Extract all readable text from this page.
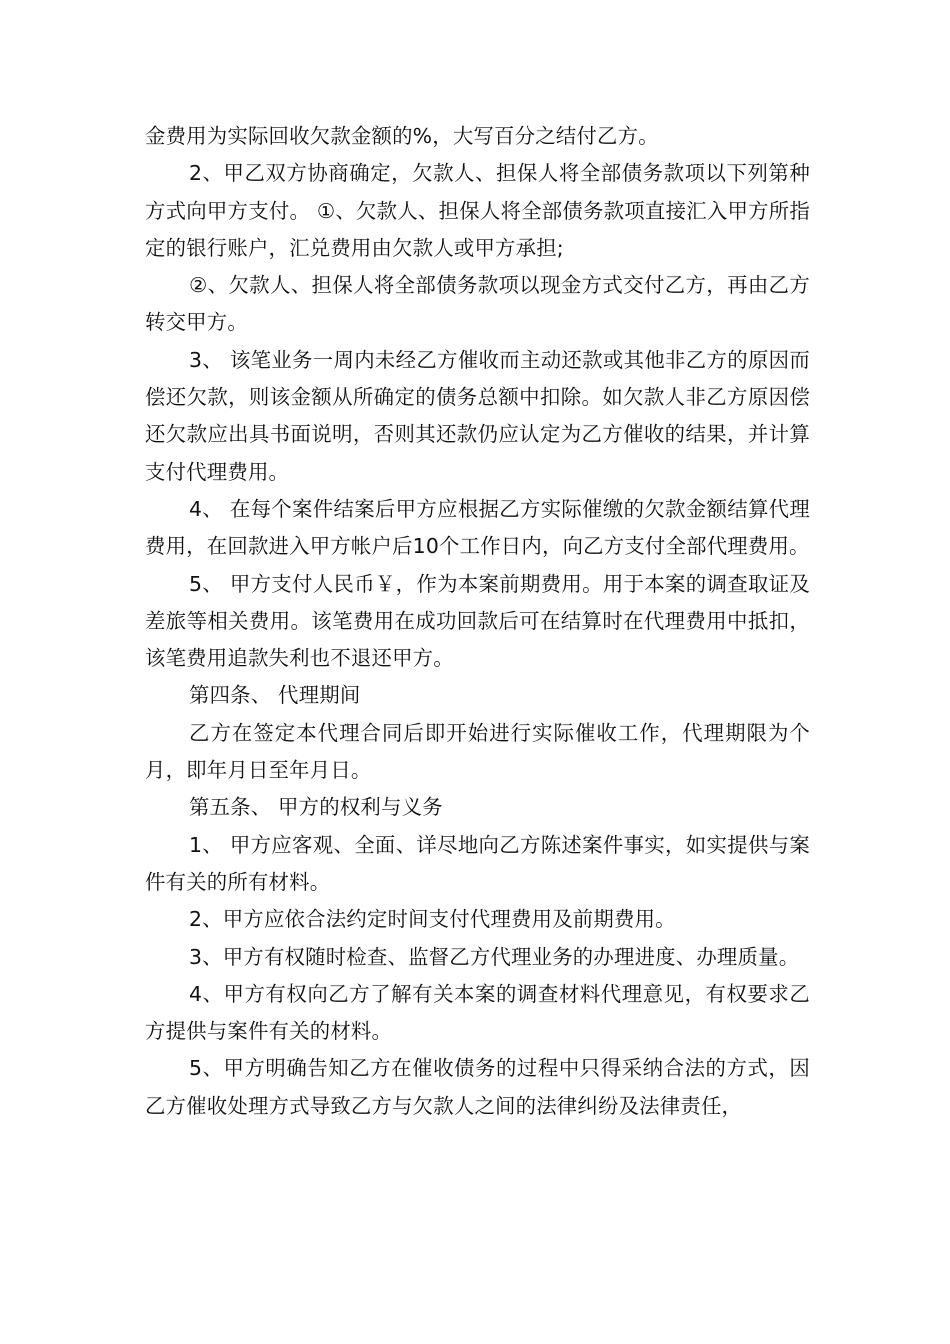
金费用为实际回收欠款金额的%，大写百分之结付乙方。

2、甲乙双方协商确定，欠款人、担保人将全部债务款项以下列第种方式向甲方支付。 ①、欠款人、担保人将全部债务款项直接汇入甲方所指定的银行账户，汇兑费用由欠款人或甲方承担;

②、欠款人、担保人将全部债务款项以现金方式交付乙方，再由乙方转交甲方。

3、 该笔业务一周内未经乙方催收而主动还款或其他非乙方的原因而偿还欠款，则该金额从所确定的债务总额中扣除。如欠款人非乙方原因偿还欠款应出具书面说明，否则其还款仍应认定为乙方催收的结果，并计算支付代理费用。

4、 在每个案件结案后甲方应根据乙方实际催缴的欠款金额结算代理费用，在回款进入甲方帐户后10个工作日内，向乙方支付全部代理费用。

5、 甲方支付人民币￥，作为本案前期费用。用于本案的调查取证及差旅等相关费用。该笔费用在成功回款后可在结算时在代理费用中抵扣，该笔费用追款失利也不退还甲方。

第四条、 代理期间

乙方在签定本代理合同后即开始进行实际催收工作，代理期限为个月，即年月日至年月日。

第五条、 甲方的权利与义务

1、 甲方应客观、全面、详尽地向乙方陈述案件事实，如实提供与案件有关的所有材料。

2、甲方应依合法约定时间支付代理费用及前期费用。

3、甲方有权随时检查、监督乙方代理业务的办理进度、办理质量。

4、甲方有权向乙方了解有关本案的调查材料代理意见，有权要求乙方提供与案件有关的材料。

5、甲方明确告知乙方在催收债务的过程中只得采纳合法的方式，因乙方催收处理方式导致乙方与欠款人之间的法律纠纷及法律责任，
